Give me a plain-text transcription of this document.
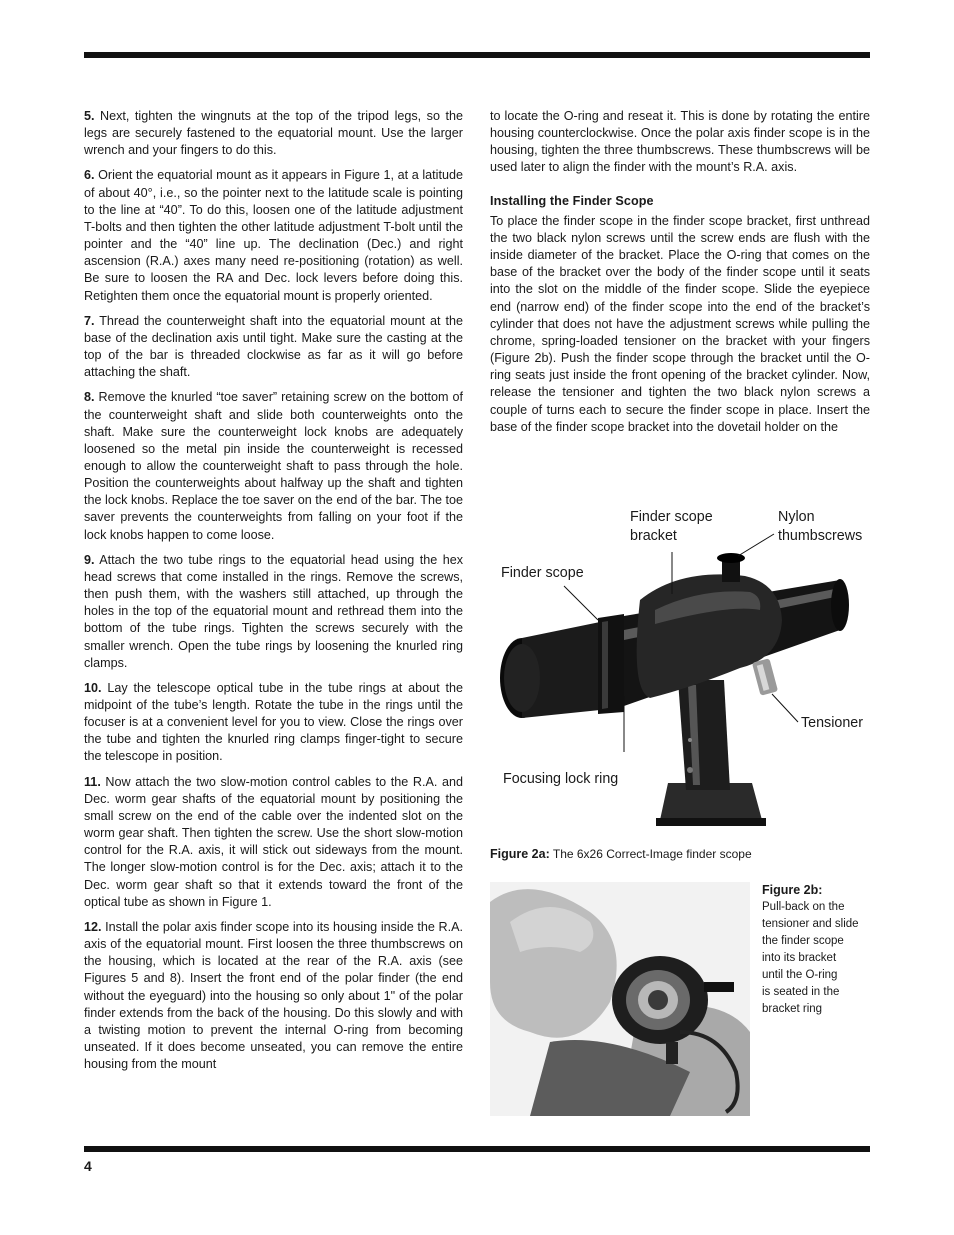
5. Next, tighten the wingnuts at the top of the tripod legs, so the legs are securely fastened to the equatorial mount. Use the larger wrench and your fingers to do this.

6. Orient the equatorial mount as it appears in Figure 1, at a latitude of about 40°, i.e., so the pointer next to the latitude scale is pointing to the line at “40”. To do this, loosen one of the latitude adjustment T-bolts and then tighten the other latitude adjustment T-bolt until the pointer and the “40” line up. The declination (Dec.) and right ascension (R.A.) axes many need re-positioning (rotation) as well. Be sure to loosen the RA and Dec. lock levers before doing this. Retighten them once the equatorial mount is properly oriented.

7. Thread the counterweight shaft into the equatorial mount at the base of the declination axis until tight. Make sure the casting at the top of the bar is threaded clockwise as far as it will go before attaching the shaft.

8. Remove the knurled “toe saver” retaining screw on the bottom of the counterweight shaft and slide both counterweights onto the shaft. Make sure the counterweight lock knobs are adequately loosened so the metal pin inside the counterweight is recessed enough to allow the counterweight shaft to pass through the hole. Position the counterweights about halfway up the shaft and tighten the lock knobs. Replace the toe saver on the end of the bar. The toe saver prevents the counterweights from falling on your foot if the lock knobs happen to come loose.

9. Attach the two tube rings to the equatorial head using the hex head screws that come installed in the rings. Remove the screws, then push them, with the washers still attached, up through the holes in the top of the equatorial mount and rethread them into the bottom of the tube rings. Tighten the screws securely with the smaller wrench. Open the tube rings by loosening the knurled ring clamps.

10. Lay the telescope optical tube in the tube rings at about the midpoint of the tube’s length. Rotate the tube in the rings until the focuser is at a convenient level for you to view. Close the rings over the tube and tighten the knurled ring clamps finger-tight to secure the telescope in position.

11. Now attach the two slow-motion control cables to the R.A. and Dec. worm gear shafts of the equatorial mount by positioning the small screw on the end of the cable over the indented slot on the worm gear shaft. Then tighten the screw. Use the short slow-motion control for the R.A. axis, it will stick out sideways from the mount. The longer slow-motion control is for the Dec. axis; attach it to the Dec. worm gear shaft so that it extends toward the front of the optical tube as shown in Figure 1.

12. Install the polar axis finder scope into its housing inside the R.A. axis of the equatorial mount. First loosen the three thumbscrews on the housing, which is located at the rear of the R.A. axis (see Figures 5 and 8). Insert the front end of the polar finder (the end without the eyeguard) into the housing so only about 1" of the polar finder extends from the back of the housing. Do this slowly and with a twisting motion to prevent the internal O-ring from becoming unseated. If it does become unseated, you can remove the entire housing from the mount

to locate the O-ring and reseat it. This is done by rotating the entire housing counterclockwise. Once the polar axis finder scope is in the housing, tighten the three thumbscrews. These thumbscrews will be used later to align the finder with the mount’s R.A. axis.

Installing the Finder Scope

To place the finder scope in the finder scope bracket, first unthread the two black nylon screws until the screw ends are flush with the inside diameter of the bracket. Place the O-ring that comes on the base of the bracket over the body of the finder scope until it seats into the slot on the middle of the finder scope. Slide the eyepiece end (narrow end) of the finder scope into the end of the bracket’s cylinder that does not have the adjustment screws while pulling the chrome, spring-loaded tensioner on the bracket with your fingers (Figure 2b). Push the finder scope through the bracket until the O-ring seats just inside the front opening of the bracket cylinder. Now, release the tensioner and tighten the two black nylon screws a couple of turns each to secure the finder scope in place. Insert the base of the finder scope bracket into the dovetail holder on the

Finder scope
bracket
Nylon
thumbscrews
Finder scope
Tensioner
Focusing lock ring
Figure 2a: The 6x26 Correct-Image finder scope
Figure 2b:
Pull-back on the
tensioner and slide
the finder scope
into its bracket
until the O-ring
is seated in the
bracket ring
4
